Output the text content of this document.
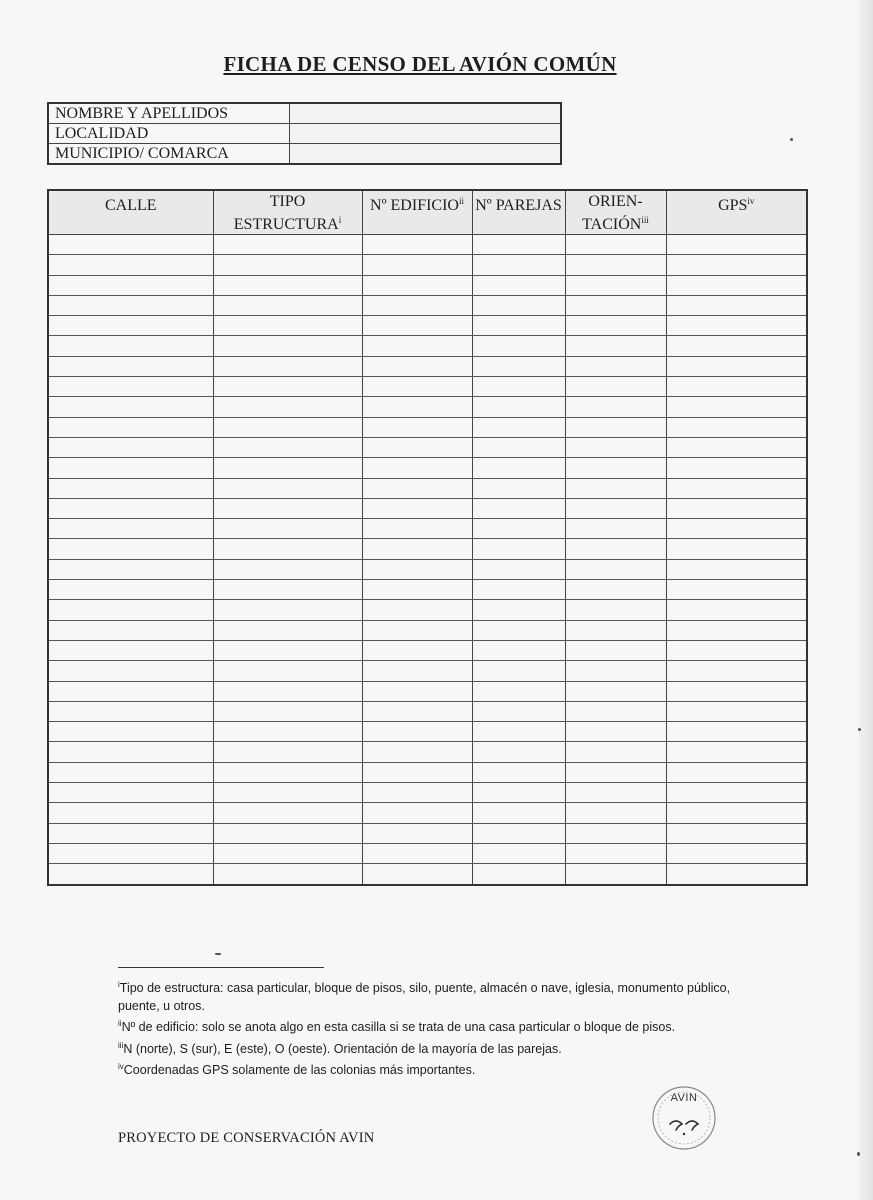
FICHA DE CENSO DEL AVIÓN COMÚN
NOMBRE Y APELLIDOS	
LOCALIDAD	
MUNICIPIO/ COMARCA	
CALLE	TIPO ESTRUCTURA$^i$	Nº EDIFICIO$^{ii}$	Nº PAREJAS	ORIEN- TACIÓN$^{iii}$	GPS$^{iv}$

$^i$Tipo de estructura: casa particular, bloque de pisos, silo, puente, almacén o nave, iglesia, monumento público, puente, u otros.

$^{ii}$Nº de edificio: solo se anota algo en esta casilla si se trata de una casa particular o bloque de pisos.

$^{iii}$N (norte), S (sur), E (este), O (oeste). Orientación de la mayoría de las parejas.

$^{iv}$Coordenadas GPS solamente de las colonias más importantes.

AVIN
PROYECTO DE CONSERVACIÓN AVIN
